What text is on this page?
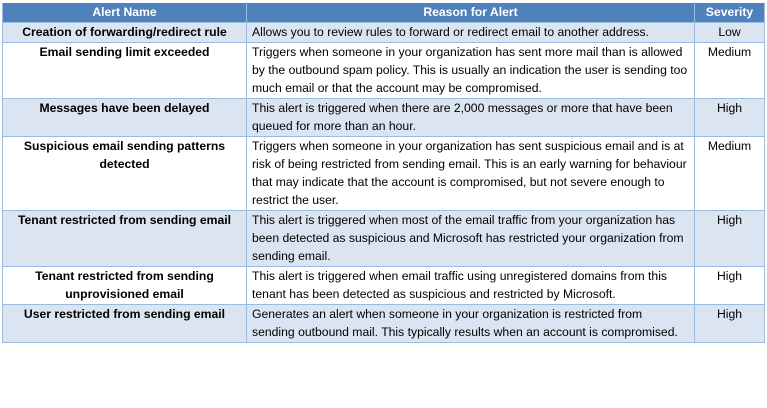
Alert Name	Reason for Alert	Severity
Creation of forwarding/redirect rule	Allows you to review rules to forward or redirect email to another address.	Low
Email sending limit exceeded	Triggers when someone in your organization has sent more mail than is allowed by the outbound spam policy. This is usually an indication the user is sending too much email or that the account may be compromised.	Medium
Messages have been delayed	This alert is triggered when there are 2,000 messages or more that have been queued for more than an hour.	High
Suspicious email sending patterns detected	Triggers when someone in your organization has sent suspicious email and is at risk of being restricted from sending email. This is an early warning for behaviour that may indicate that the account is compromised, but not severe enough to restrict the user.	Medium
Tenant restricted from sending email	This alert is triggered when most of the email traffic from your organization has been detected as suspicious and Microsoft has restricted your organization from sending email.	High
Tenant restricted from sending unprovisioned email	This alert is triggered when email traffic using unregistered domains from this tenant has been detected as suspicious and restricted by Microsoft.	High
User restricted from sending email	Generates an alert when someone in your organization is restricted from sending outbound mail. This typically results when an account is compromised.	High
